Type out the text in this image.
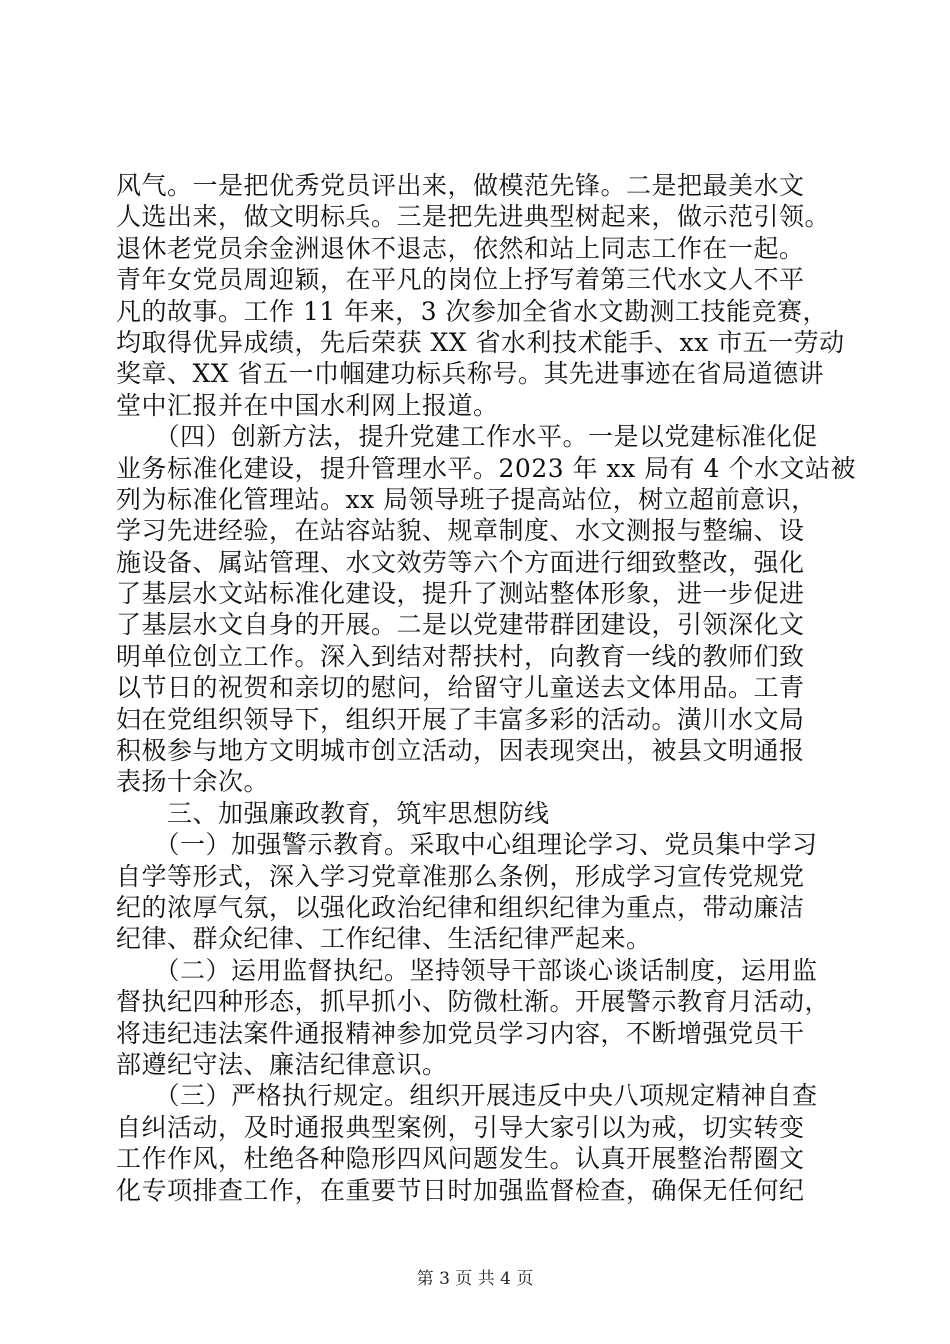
风气。一是把优秀党员评出来，做模范先锋。二是把最美水文
人选出来，做文明标兵。三是把先进典型树起来，做示范引领。
退休老党员余金洲退休不退志，依然和站上同志工作在一起。
青年女党员周迎颖，在平凡的岗位上抒写着第三代水文人不平
凡的故事。工作 11 年来，3 次参加全省水文勘测工技能竞赛，
均取得优异成绩，先后荣获 XX 省水利技术能手、xx 市五一劳动
奖章、XX 省五一巾帼建功标兵称号。其先进事迹在省局道德讲
堂中汇报并在中国水利网上报道。
　　（四）创新方法，提升党建工作水平。一是以党建标准化促
业务标准化建设，提升管理水平。2023 年 xx 局有 4 个水文站被
列为标准化管理站。xx 局领导班子提高站位，树立超前意识，
学习先进经验，在站容站貌、规章制度、水文测报与整编、设
施设备、属站管理、水文效劳等六个方面进行细致整改，强化
了基层水文站标准化建设，提升了测站整体形象，进一步促进
了基层水文自身的开展。二是以党建带群团建设，引领深化文
明单位创立工作。深入到结对帮扶村，向教育一线的教师们致
以节日的祝贺和亲切的慰问，给留守儿童送去文体用品。工青
妇在党组织领导下，组织开展了丰富多彩的活动。潢川水文局
积极参与地方文明城市创立活动，因表现突出，被县文明通报
表扬十余次。
　　三、加强廉政教育，筑牢思想防线
　　（一）加强警示教育。采取中心组理论学习、党员集中学习
自学等形式，深入学习党章准那么条例，形成学习宣传党规党
纪的浓厚气氛，以强化政治纪律和组织纪律为重点，带动廉洁
纪律、群众纪律、工作纪律、生活纪律严起来。
　　（二）运用监督执纪。坚持领导干部谈心谈话制度，运用监
督执纪四种形态，抓早抓小、防微杜渐。开展警示教育月活动，
将违纪违法案件通报精神参加党员学习内容，不断增强党员干
部遵纪守法、廉洁纪律意识。
　　（三）严格执行规定。组织开展违反中央八项规定精神自查
自纠活动，及时通报典型案例，引导大家引以为戒，切实转变
工作作风，杜绝各种隐形四风问题发生。认真开展整治帮圈文
化专项排查工作，在重要节日时加强监督检查，确保无任何纪
第 3 页 共 4 页
